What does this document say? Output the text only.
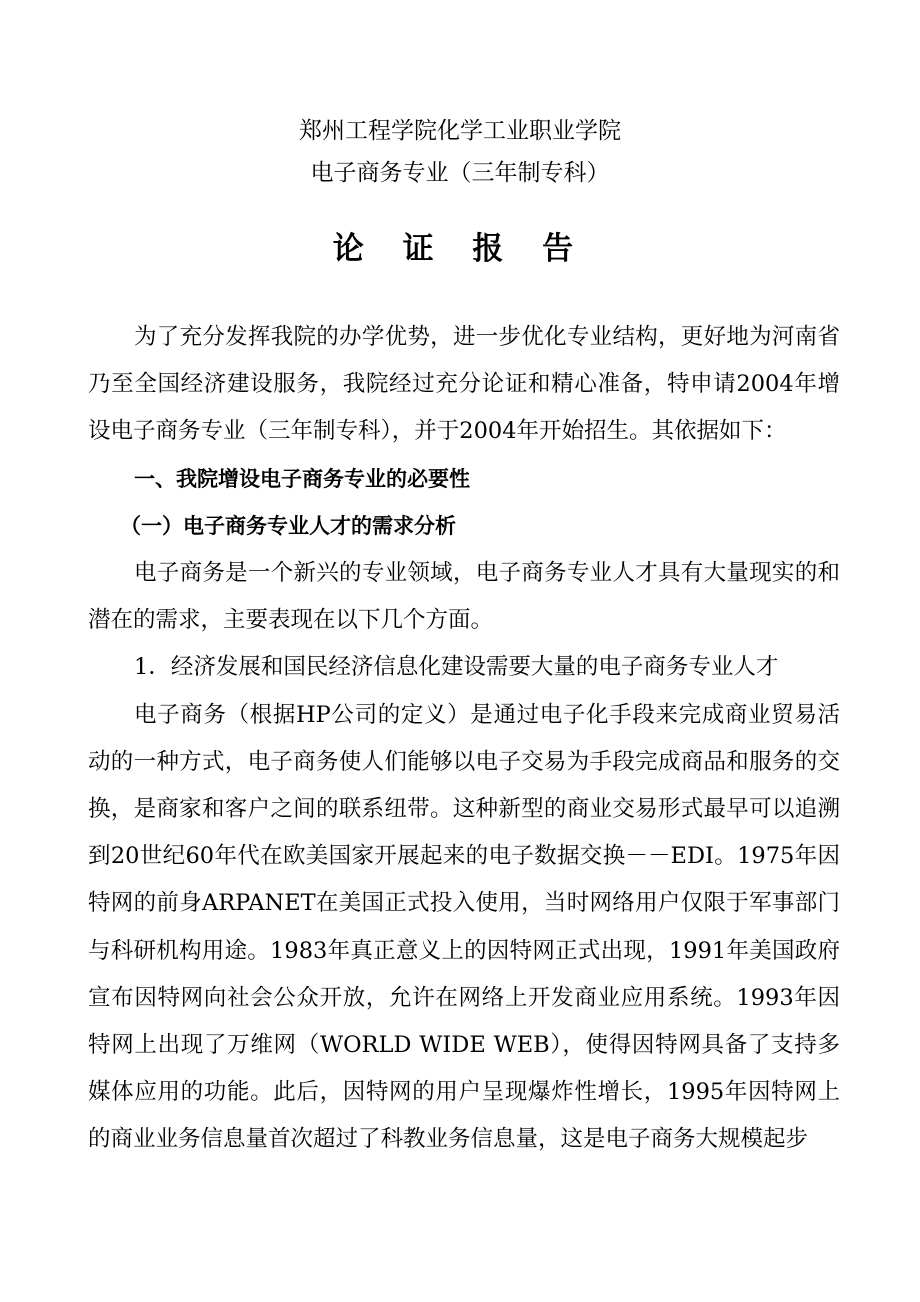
郑州工程学院化学工业职业学院
电子商务专业（三年制专科）
论 证 报 告

为了充分发挥我院的办学优势，进一步优化专业结构，更好地为河南省乃至全国经济建设服务，我院经过充分论证和精心准备，特申请2004年增设电子商务专业（三年制专科），并于2004年开始招生。其依据如下：

一、我院增设电子商务专业的必要性

（一）电子商务专业人才的需求分析

电子商务是一个新兴的专业领域，电子商务专业人才具有大量现实的和潜在的需求，主要表现在以下几个方面。

1．经济发展和国民经济信息化建设需要大量的电子商务专业人才

电子商务（根据HP公司的定义）是通过电子化手段来完成商业贸易活动的一种方式，电子商务使人们能够以电子交易为手段完成商品和服务的交换，是商家和客户之间的联系纽带。这种新型的商业交易形式最早可以追溯到20世纪60年代在欧美国家开展起来的电子数据交换－－EDI。1975年因特网的前身ARPANET在美国正式投入使用，当时网络用户仅限于军事部门与科研机构用途。1983年真正意义上的因特网正式出现，1991年美国政府宣布因特网向社会公众开放，允许在网络上开发商业应用系统。1993年因特网上出现了万维网（WORLD WIDE WEB），使得因特网具备了支持多媒体应用的功能。此后，因特网的用户呈现爆炸性增长，1995年因特网上的商业业务信息量首次超过了科教业务信息量，这是电子商务大规模起步
